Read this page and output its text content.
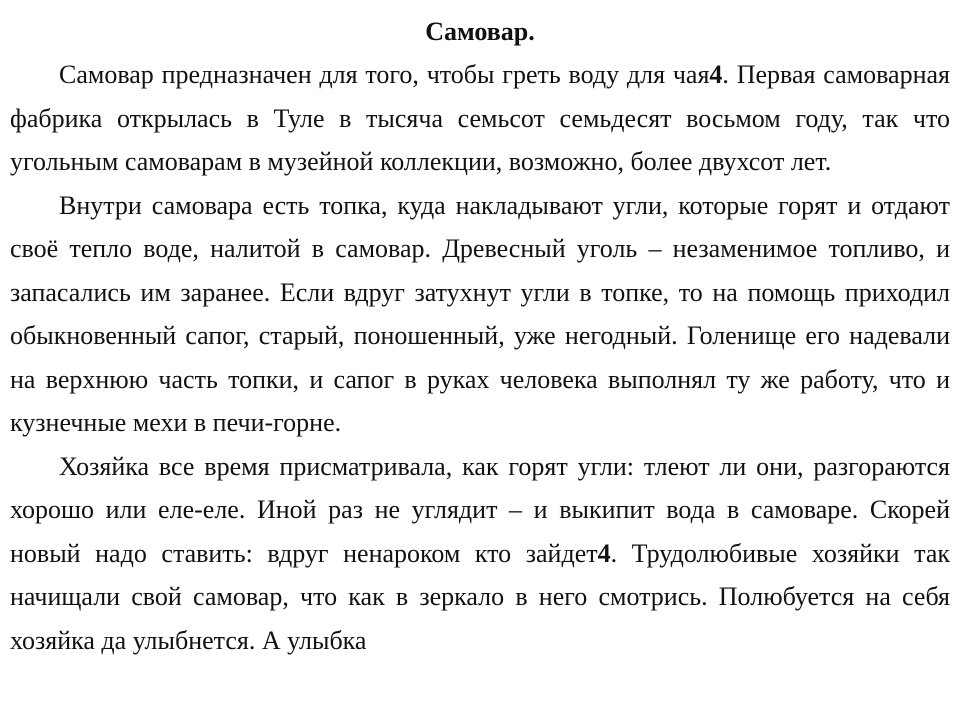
Самовар.

Самовар предназначен для того, чтобы греть воду для чая4. Первая самоварная фабрика открылась в Туле в тысяча семьсот семьдесят восьмом году, так что угольным самоварам в музейной коллекции, возможно, более двухсот лет.

Внутри самовара есть топка, куда накладывают угли, которые горят и отдают своё тепло воде, налитой в самовар. Древесный уголь – незаменимое топливо, и запасались им заранее. Если вдруг затухнут угли в топке, то на помощь приходил обыкновенный сапог, старый, поношенный, уже негодный. Голенище его надевали на верхнюю часть топки, и сапог в руках человека выполнял ту же работу, что и кузнечные мехи в печи-горне.

Хозяйка все время присматривала, как горят угли: тлеют ли они, разгораются хорошо или еле-еле. Иной раз не углядит – и выкипит вода в самоваре. Скорей новый надо ставить: вдруг ненароком кто зайдет4. Трудолюбивые хозяйки так начищали свой самовар, что как в зеркало в него смотрись. Полюбуется на себя хозяйка да улыбнется. А улыбка
